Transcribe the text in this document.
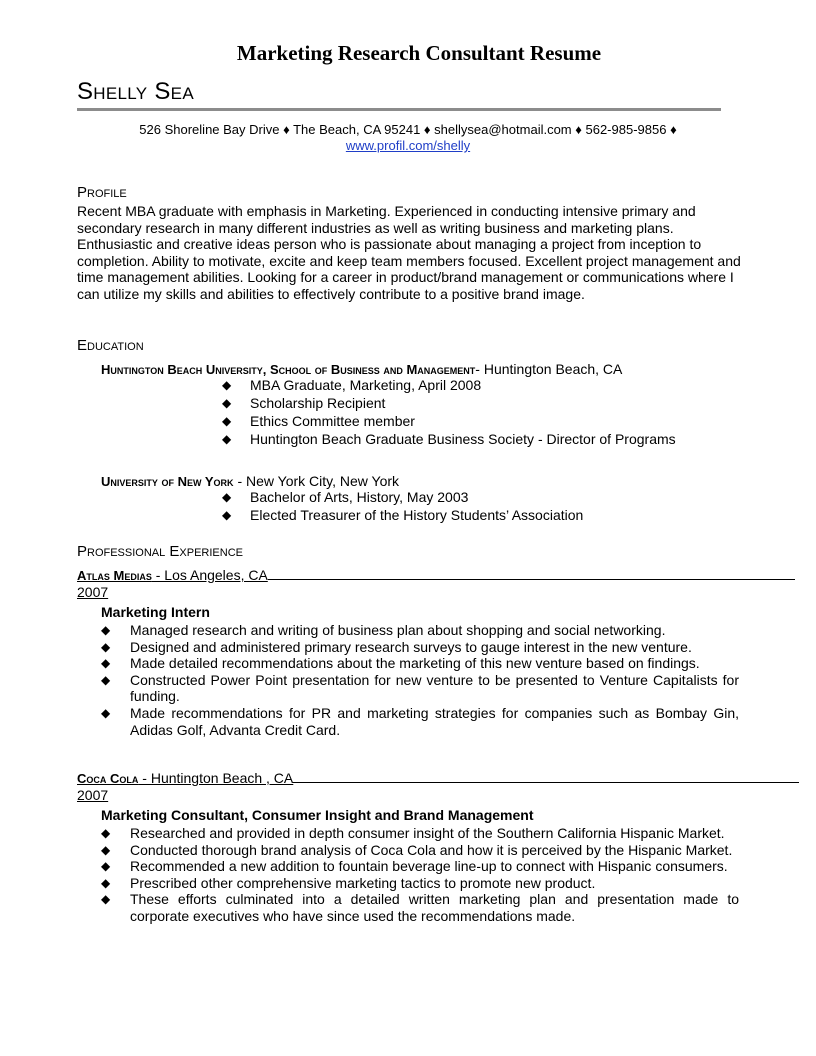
Marketing Research Consultant Resume
Shelly Sea
526 Shoreline Bay Drive ♦ The Beach, CA 95241 ♦ shellysea@hotmail.com ♦ 562-985-9856 ♦
www.profil.com/shelly
Profile
Recent MBA graduate with emphasis in Marketing. Experienced in conducting intensive primary and secondary research in many different industries as well as writing business and marketing plans. Enthusiastic and creative ideas person who is passionate about managing a project from inception to completion. Ability to motivate, excite and keep team members focused. Excellent project management and time management abilities. Looking for a career in product/brand management or communications where I can utilize my skills and abilities to effectively contribute to a positive brand image.
Education
Huntington Beach University, School of Business and Management- Huntington Beach, CA
◆ MBA Graduate, Marketing, April 2008
◆ Scholarship Recipient
◆ Ethics Committee member
◆ Huntington Beach Graduate Business Society - Director of Programs
University of New York - New York City, New York
◆ Bachelor of Arts, History, May 2003
◆ Elected Treasurer of the History Students’ Association
Professional Experience
Atlas Medias - Los Angeles, CA
2007
Marketing Intern
◆ Managed research and writing of business plan about shopping and social networking.
◆ Designed and administered primary research surveys to gauge interest in the new venture.
◆ Made detailed recommendations about the marketing of this new venture based on findings.
◆ Constructed Power Point presentation for new venture to be presented to Venture Capitalists for funding.
◆ Made recommendations for PR and marketing strategies for companies such as Bombay Gin, Adidas Golf, Advanta Credit Card.
Coca Cola - Huntington Beach , CA
2007
Marketing Consultant, Consumer Insight and Brand Management
◆ Researched and provided in depth consumer insight of the Southern California Hispanic Market.
◆ Conducted thorough brand analysis of Coca Cola and how it is perceived by the Hispanic Market.
◆ Recommended a new addition to fountain beverage line-up to connect with Hispanic consumers.
◆ Prescribed other comprehensive marketing tactics to promote new product.
◆ These efforts culminated into a detailed written marketing plan and presentation made to corporate executives who have since used the recommendations made.
